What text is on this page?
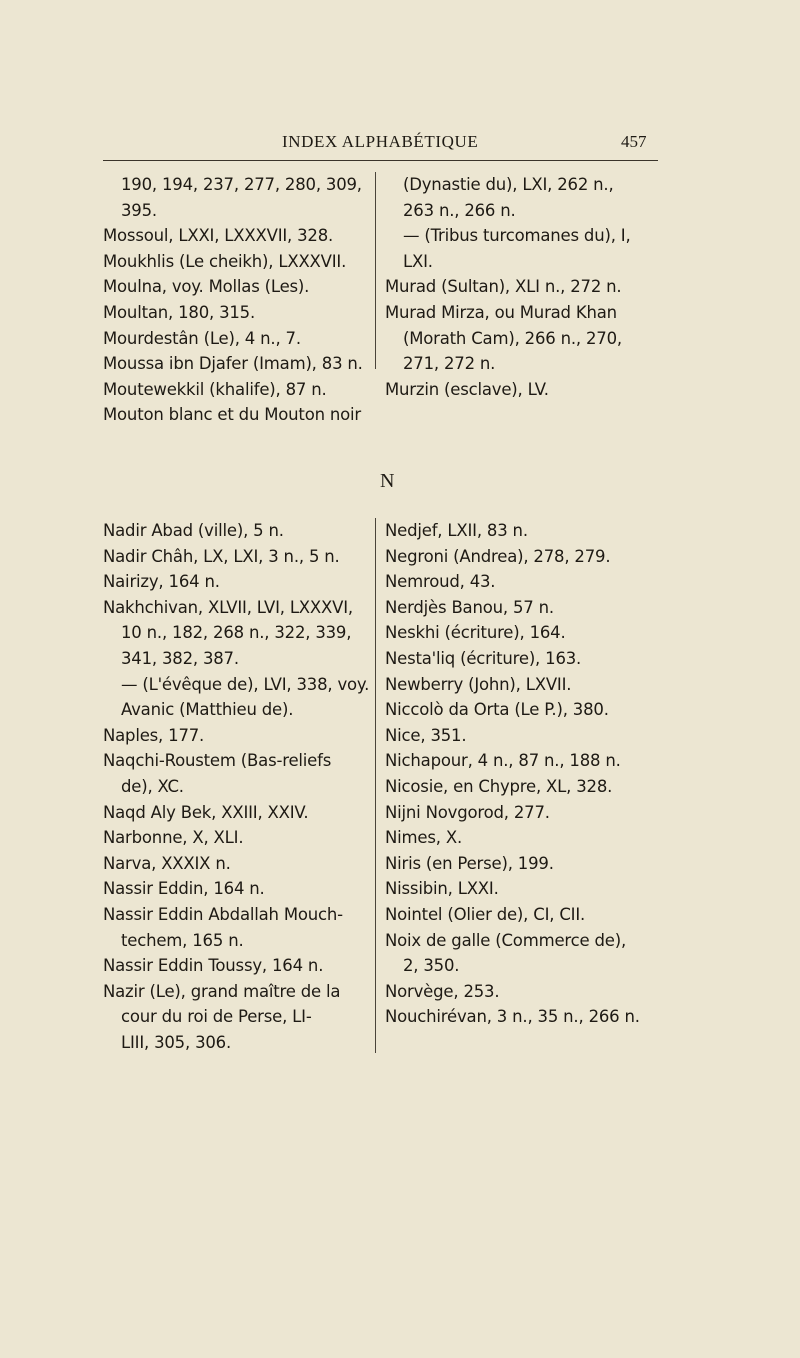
INDEX ALPHABÉTIQUE	457
190, 194, 237, 277, 280, 309,
395.
Mossoul, LXXI, LXXXVII, 328.
Moukhlis (Le cheikh), LXXXVII.
Moulna, voy. Mollas (Les).
Moultan, 180, 315.
Mourdestân (Le), 4 n., 7.
Moussa ibn Djafer (Imam), 83 n.
Moutewekkil (khalife), 87 n.
Mouton blanc et du Mouton noir
(Dynastie du), LXI, 262 n.,
263 n., 266 n.
— (Tribus turcomanes du), I,
LXI.
Murad (Sultan), XLI n., 272 n.
Murad Mirza, ou Murad Khan
(Morath Cam), 266 n., 270,
271, 272 n.
Murzin (esclave), LV.
N
Nadir Abad (ville), 5 n.
Nadir Châh, LX, LXI, 3 n., 5 n.
Nairizy, 164 n.
Nakhchivan, XLVII, LVI, LXXXVI,
10 n., 182, 268 n., 322, 339,
341, 382, 387.
— (L'évêque de), LVI, 338, voy.
Avanic (Matthieu de).
Naples, 177.
Naqchi-Roustem (Bas-reliefs
de), XC.
Naqd Aly Bek, XXIII, XXIV.
Narbonne, X, XLI.
Narva, XXXIX n.
Nassir Eddin, 164 n.
Nassir Eddin Abdallah Mouch-
techem, 165 n.
Nassir Eddin Toussy, 164 n.
Nazir (Le), grand maître de la
cour du roi de Perse, LI-
LIII, 305, 306.
Nedjef, LXII, 83 n.
Negroni (Andrea), 278, 279.
Nemroud, 43.
Nerdjès Banou, 57 n.
Neskhi (écriture), 164.
Nesta'liq (écriture), 163.
Newberry (John), LXVII.
Niccolò da Orta (Le P.), 380.
Nice, 351.
Nichapour, 4 n., 87 n., 188 n.
Nicosie, en Chypre, XL, 328.
Nijni Novgorod, 277.
Nimes, X.
Niris (en Perse), 199.
Nissibin, LXXI.
Nointel (Olier de), CI, CII.
Noix de galle (Commerce de),
2, 350.
Norvège, 253.
Nouchirévan, 3 n., 35 n., 266 n.
